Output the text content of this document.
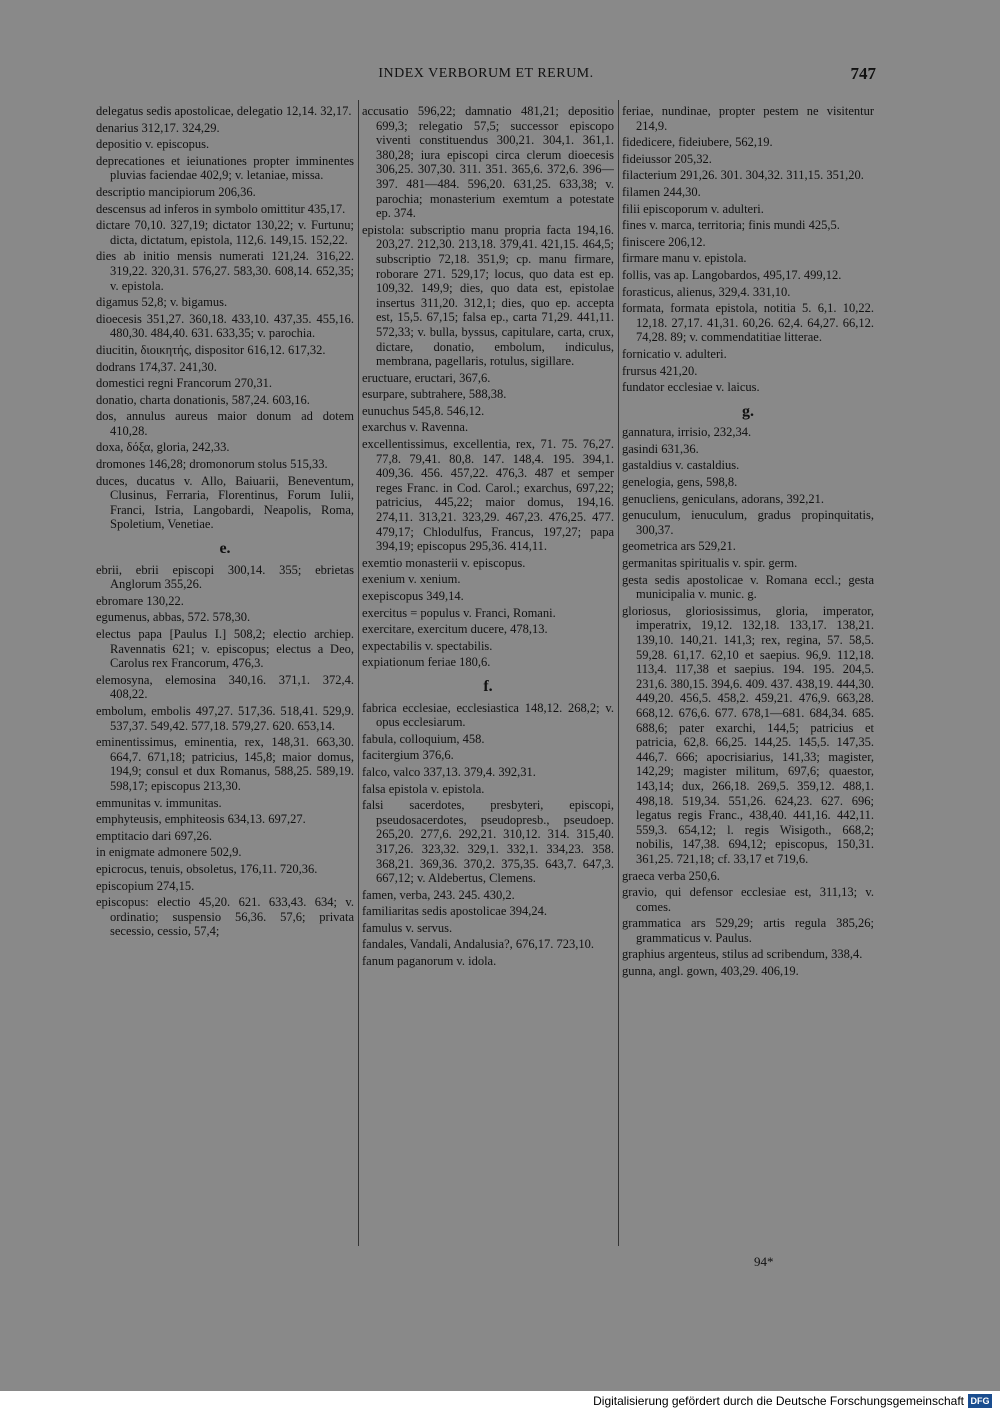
INDEX VERBORUM ET RERUM.	747
delegatus sedis apostolicae, delegatio 12,14. 32,17.
denarius 312,17. 324,29.
depositio v. episcopus.
deprecationes et ieiunationes propter imminentes pluvias faciendae 402,9; v. letaniae, missa.
descriptio mancipiorum 206,36.
descensus ad inferos in symbolo omittitur 435,17.
dictare 70,10. 327,19; dictator 130,22; v. Furtunu; dicta, dictatum, epistola, 112,6. 149,15. 152,22.
dies ab initio mensis numerati 121,24. 316,22. 319,22. 320,31. 576,27. 583,30. 608,14. 652,35; v. epistola.
digamus 52,8; v. bigamus.
dioecesis 351,27. 360,18. 433,10. 437,35. 455,16. 480,30. 484,40. 631. 633,35; v. parochia.
diucitin, διοικητής, dispositor 616,12. 617,32.
dodrans 174,37. 241,30.
domestici regni Francorum 270,31.
donatio, charta donationis, 587,24. 603,16.
dos, annulus aureus maior donum ad dotem 410,28.
doxa, δόξα, gloria, 242,33.
dromones 146,28; dromonorum stolus 515,33.
duces, ducatus v. Allo, Baiuarii, Beneventum, Clusinus, Ferraria, Florentinus, Forum Iulii, Franci, Istria, Langobardi, Neapolis, Roma, Spoletium, Venetiae.
e.
ebrii, ebrii episcopi 300,14. 355; ebrietas Anglorum 355,26.
ebromare 130,22.
egumenus, abbas, 572. 578,30.
electus papa [Paulus I.] 508,2; electio archiep. Ravennatis 621; v. episcopus; electus a Deo, Carolus rex Francorum, 476,3.
elemosyna, elemosina 340,16. 371,1. 372,4. 408,22.
embolum, embolis 497,27. 517,36. 518,41. 529,9. 537,37. 549,42. 577,18. 579,27. 620. 653,14.
eminentissimus, eminentia, rex, 148,31. 663,30. 664,7. 671,18; patricius, 145,8; maior domus, 194,9; consul et dux Romanus, 588,25. 589,19. 598,17; episcopus 213,30.
emmunitas v. immunitas.
emphyteusis, emphiteosis 634,13. 697,27.
emptitacio dari 697,26.
in enigmate admonere 502,9.
epicrocus, tenuis, obsoletus, 176,11. 720,36.
episcopium 274,15.
episcopus: electio 45,20. 621. 633,43. 634; v. ordinatio; suspensio 56,36. 57,6; privata secessio, cessio, 57,4;
accusatio 596,22; damnatio 481,21; depositio 699,3; relegatio 57,5; successor episcopo viventi constituendus 300,21. 304,1. 361,1. 380,28; iura episcopi circa clerum dioecesis 306,25. 307,30. 311. 351. 365,6. 372,6. 396—397. 481—484. 596,20. 631,25. 633,38; v. parochia; monasterium exemtum a potestate ep. 374.
epistola: subscriptio manu propria facta 194,16. 203,27. 212,30. 213,18. 379,41. 421,15. 464,5; subscriptio 72,18. 351,9; cp. manu firmare, roborare 271. 529,17; locus, quo data est ep. 109,32. 149,9; dies, quo data est, epistolae insertus 311,20. 312,1; dies, quo ep. accepta est, 15,5. 67,15; falsa ep., carta 71,29. 441,11. 572,33; v. bulla, byssus, capitulare, carta, crux, dictare, donatio, embolum, indiculus, membrana, pagellaris, rotulus, sigillare.
eructuare, eructari, 367,6.
esurpare, subtrahere, 588,38.
eunuchus 545,8. 546,12.
exarchus v. Ravenna.
excellentissimus, excellentia, rex, 71. 75. 76,27. 77,8. 79,41. 80,8. 147. 148,4. 195. 394,1. 409,36. 456. 457,22. 476,3. 487 et semper reges Franc. in Cod. Carol.; exarchus, 697,22; patricius, 445,22; maior domus, 194,16. 274,11. 313,21. 323,29. 467,23. 476,25. 477. 479,17; Chlodulfus, Francus, 197,27; papa 394,19; episcopus 295,36. 414,11.
exemtio monasterii v. episcopus.
exenium v. xenium.
exepiscopus 349,14.
exercitus = populus v. Franci, Romani.
exercitare, exercitum ducere, 478,13.
expectabilis v. spectabilis.
expiationum feriae 180,6.
f.
fabrica ecclesiae, ecclesiastica 148,12. 268,2; v. opus ecclesiarum.
fabula, colloquium, 458.
facitergium 376,6.
falco, valco 337,13. 379,4. 392,31.
falsa epistola v. epistola.
falsi sacerdotes, presbyteri, episcopi, pseudosacerdotes, pseudopresb., pseudoep. 265,20. 277,6. 292,21. 310,12. 314. 315,40. 317,26. 323,32. 329,1. 332,1. 334,23. 358. 368,21. 369,36. 370,2. 375,35. 643,7. 647,3. 667,12; v. Aldebertus, Clemens.
famen, verba, 243. 245. 430,2.
familiaritas sedis apostolicae 394,24.
famulus v. servus.
fandales, Vandali, Andalusia?, 676,17. 723,10.
fanum paganorum v. idola.
feriae, nundinae, propter pestem ne visitentur 214,9.
fidedicere, fideiubere, 562,19.
fideiussor 205,32.
filacterium 291,26. 301. 304,32. 311,15. 351,20.
filamen 244,30.
filii episcoporum v. adulteri.
fines v. marca, territoria; finis mundi 425,5.
finiscere 206,12.
firmare manu v. epistola.
follis, vas ap. Langobardos, 495,17. 499,12.
forasticus, alienus, 329,4. 331,10.
formata, formata epistola, notitia 5. 6,1. 10,22. 12,18. 27,17. 41,31. 60,26. 62,4. 64,27. 66,12. 74,28. 89; v. commendatitiae litterae.
fornicatio v. adulteri.
frursus 421,20.
fundator ecclesiae v. laicus.
g.
gannatura, irrisio, 232,34.
gasindi 631,36.
gastaldius v. castaldius.
genelogia, gens, 598,8.
genucliens, geniculans, adorans, 392,21.
genuculum, ienuculum, gradus propinquitatis, 300,37.
geometrica ars 529,21.
germanitas spiritualis v. spir. germ.
gesta sedis apostolicae v. Romana eccl.; gesta municipalia v. munic. g.
gloriosus, gloriosissimus, gloria, imperator, imperatrix, 19,12. 132,18. 133,17. 138,21. 139,10. 140,21. 141,3; rex, regina, 57. 58,5. 59,28. 61,17. 62,10 et saepius. 96,9. 112,18. 113,4. 117,38 et saepius. 194. 195. 204,5. 231,6. 380,15. 394,6. 409. 437. 438,19. 444,30. 449,20. 456,5. 458,2. 459,21. 476,9. 663,28. 668,12. 676,6. 677. 678,1—681. 684,34. 685. 688,6; pater exarchi, 144,5; patricius et patricia, 62,8. 66,25. 144,25. 145,5. 147,35. 446,7. 666; apocrisiarius, 141,33; magister, 142,29; magister militum, 697,6; quaestor, 143,14; dux, 266,18. 269,5. 359,12. 488,1. 498,18. 519,34. 551,26. 624,23. 627. 696; legatus regis Franc., 438,40. 441,16. 442,11. 559,3. 654,12; l. regis Wisigoth., 668,2; nobilis, 147,38. 694,12; episcopus, 150,31. 361,25. 721,18; cf. 33,17 et 719,6.
graeca verba 250,6.
gravio, qui defensor ecclesiae est, 311,13; v. comes.
grammatica ars 529,29; artis regula 385,26; grammaticus v. Paulus.
graphius argenteus, stilus ad scribendum, 338,4.
gunna, angl. gown, 403,29. 406,19.
94*
Digitalisierung gefördert durch die Deutsche Forschungsgemeinschaft DFG
